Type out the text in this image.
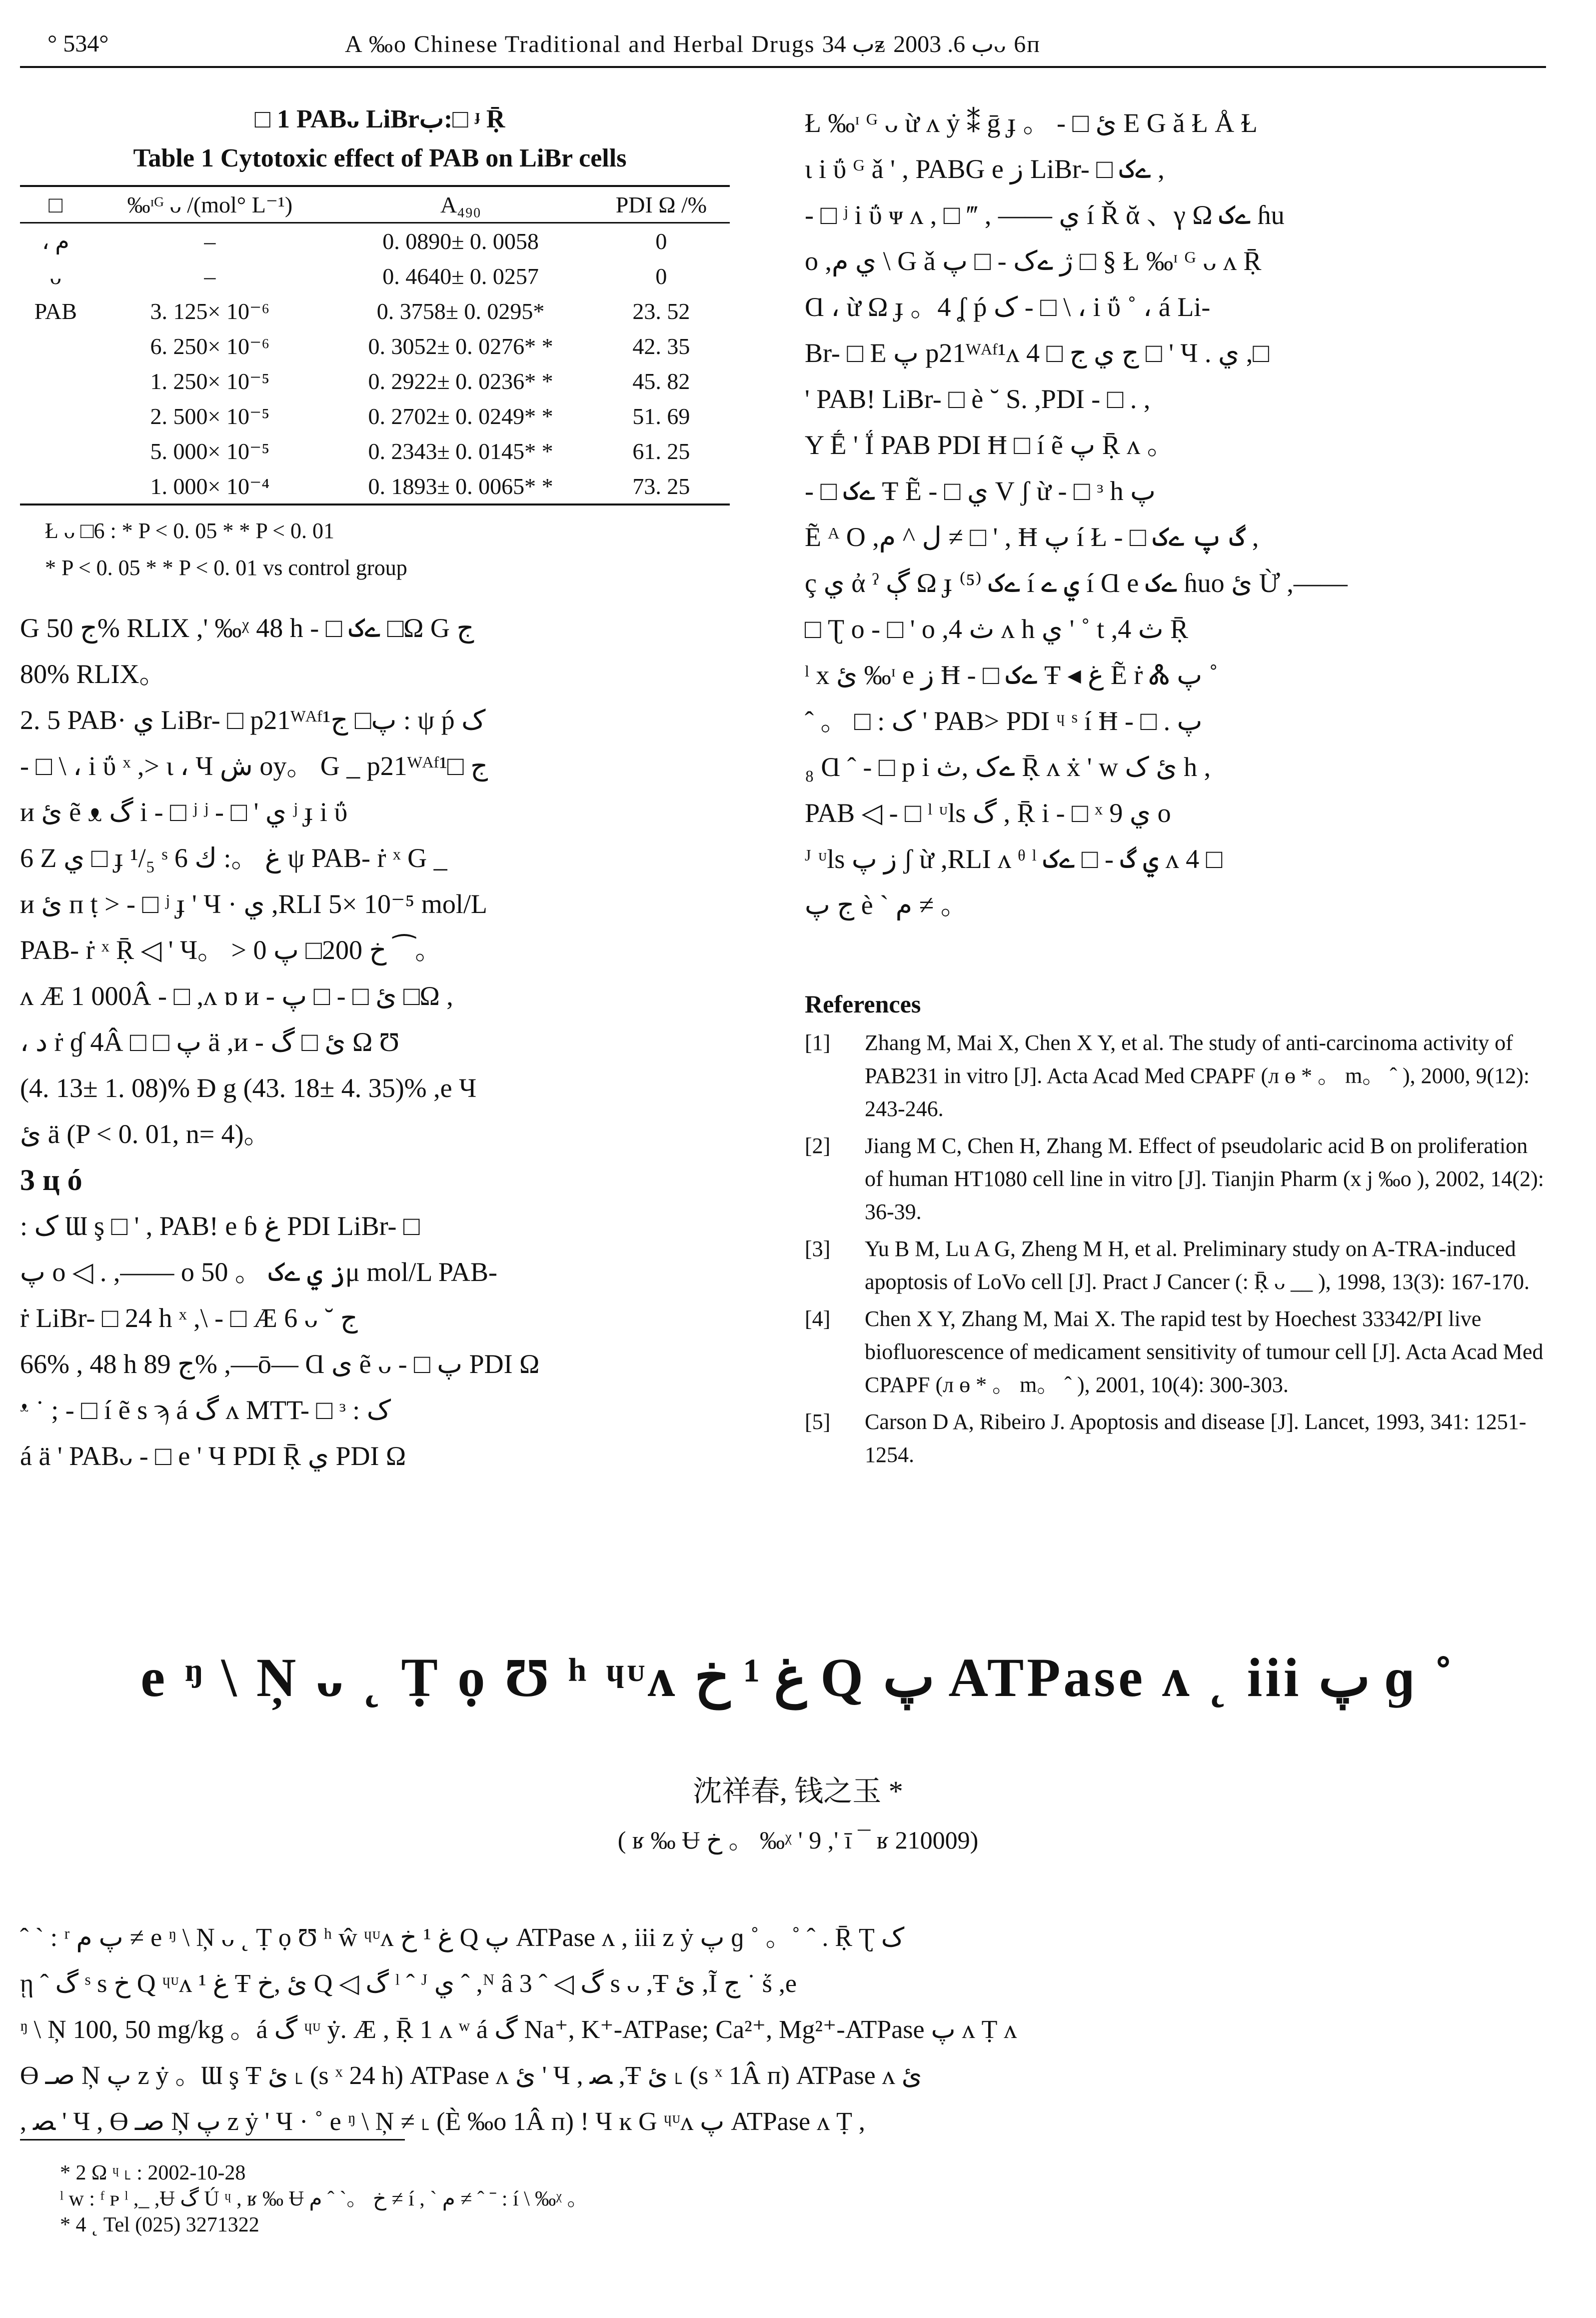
° 534°	A ‰o Chinese Traditional and Herbal Drugs ب 34ᵶ ب 6. 2003ᴗ 6ᴨ
□ 1 PABᴗ LiBrب:□ ᶡ Ṝ
Table 1 Cytotoxic effect of PAB on LiBr cells
□	‰ᶦᴳ ᴗ /(mol° L⁻¹)	A₄₉₀	PDI Ω /%
، م	–	0. 0890± 0. 0058	0
ᴗ	–	0. 4640± 0. 0257	0
PAB	3. 125× 10⁻⁶	0. 3758± 0. 0295*	23. 52
	6. 250× 10⁻⁶	0. 3052± 0. 0276* *	42. 35
	1. 250× 10⁻⁵	0. 2922± 0. 0236* *	45. 82
	2. 500× 10⁻⁵	0. 2702± 0. 0249* *	51. 69
	5. 000× 10⁻⁵	0. 2343± 0. 0145* *	61. 25
	1. 000× 10⁻⁴	0. 1893± 0. 0065* *	73. 25
Ł ᴗ □6 : * P < 0. 05 * * P < 0. 01
* P < 0. 05 * * P < 0. 01 vs control group

G ج 50% RLIX ,' ‰ᵡ 48 h - □ ےک □Ω G ج

80% RLIX。

2. 5 PAB· ي LiBr- □ p21ᵂᴬᶠ¹پ□ ج : ψ ṕ ک

- □ \ ، i ΰ ˣ ,> ι ، Ч ش oy。 G _ p21ᵂᴬᶠ¹□ ج

ᴎ ئ ẽ ᴥ گ i - □ ʲ ʲ - □ ' ي ʲ ɟ i ΰ

6 Z ي □ ɟ ¹/₅ ˢ 6 غ 。: ك ψ PAB- ṙ ˣ G _

ᴎ ئ ᴨ ṭ > - □ ʲ ɟ ' Ч · ي ,RLI 5× 10⁻⁵ mol/L

PAB- ṙ ˣ Ṝ ◁ ' Ч。 > خ 200□ پ 0 ⁀。

ᴧ Æ 1 000Â - □ ,ᴧ ɒ ᴎ - ئ □ - □ پ □Ω ,

، د ṙ ɠ 4Â □ □ پ ä ,ᴎ - ئ □ گ Ω Ʊ

(4. 13± 1. 08)% Ɖ g (43. 18± 4. 35)% ,e Ч

ئ ä (P < 0. 01, n= 4)。

3 ц ó

: ک Ɯ ş □ ' , PAB! e ɓ غ PDI LiBr- □

پ o ◁ . ,—— o ز ي ےک 。 50μ mol/L PAB-

ṙ LiBr- □ 24 h ˣ ,\ - □ Æ 6 ᴗ ˘ ج

66% , 48 h ج 89% ,—ō— Ɑ ى ẽ ᴗ - □ پ PDI Ω

ᵜ ˙ ; - □ í ẽ s ϡ á گ ᴧ MTT- □ ᵌ : ک

á ä ' PABᴗ - □ e ' Ч PDI Ṝ ي PDI Ω

Ł ‰ᶦ ᴳ ᴗ ừ ᴧ ẏ ⁑ ḡ ɟ 。 - □ ئ E G ǎ Ł Å Ɫ

ι i ΰ ᴳ ǎ ' , PABG e ز LiBr- □ ےک ,

- □ ʲ i ΰ ᴪ ᴧ , □ ‴ , —— ي í Ř ᾰ 、γ Ω ےک ɦu

o ,ي م \ G ǎ ژ ےک - □ پ □ § Ł ‰ᶦ ᴳ ᴗ ᴧ Ṝ

Ɑ ، ừ Ω ɟ 。4 ʆ ṕ ک - □ \ ، i ΰ ˚ ، á Li-

Br- □ E پ p21ᵂᴬᶠ¹ᴧ 4 □ ج ي ج □ ' Ч . ي ,□

' PAB! LiBr- □ è ˘ S. ,PDI - □ . ,

Y Ḗ ' Ḯ PAB PDI Ħ □ í ẽ پ Ṝ ᴧ 。

- □ ےک Ŧ Ẽ - □ ي V ʃ ừ - □ ᵌ h پ

Ẽ ᴬ O ,ل ^ م ≠ □ ' , Ħ پ í Ł - □ گ پ ےک ,

ç ي ἀ ˀ ڳ Ω ɟ ⁽⁵⁾ ےک í ي ے í Ɑ e ےک ɦuo ئ Ừ ,——

□ Ʈ o - □ ' o ,4 ث ᴧ h ي ' ˚ t ,4 ث Ṝ

ˡ x ئ ‰ᶦ e ز Ħ - □ ےک Ŧ ◂ غ Ẽ ṙ Ꮬ پ ˚

ˆ 。 □ : ک ' PAB> PDI ᶣ ˢ í Ħ - □ . پ

₈ Ɑ ˆ - □ p i ےک ,ث Ṝ ᴧ ẋ ' w ئ ک h ,

PAB ◁ - □ ˡ ᶸls گ , Ṝ i - □ ˣ ي 9 o

ᴶ ᶸls ز پ ʃ ừ ,RLI ᴧ ᶿ ˡ ي گ - □ ےک ᴧ 4 □

ج پ è ˋ م ≠ 。

References
[1]	Zhang M, Mai X, Chen X Y, et al. The study of anti-carcinoma activity of PAB231 in vitro [J]. Acta Acad Med CPAPF (ᴫ ɵ * 。 m。 ˆ ), 2000, 9(12): 243-246.
[2]	Jiang M C, Chen H, Zhang M. Effect of pseudolaric acid B on proliferation of human HT1080 cell line in vitro [J]. Tianjin Pharm (x j ‰o ), 2002, 14(2): 36-39.
[3]	Yu B M, Lu A G, Zheng M H, et al. Preliminary study on A-TRA-induced apoptosis of LoVo cell [J]. Pract J Cancer (: Ṝ ᴗ __ ), 1998, 13(3): 167-170.
[4]	Chen X Y, Zhang M, Mai X. The rapid test by Hoechest 33342/PI live biofluorescence of medicament sensitivity of tumour cell [J]. Acta Acad Med CPAPF (ᴫ ɵ * 。 m。 ˆ ), 2001, 10(4): 300-303.
[5]	Carson D A, Ribeiro J. Apoptosis and disease [J]. Lancet, 1993, 341: 1251-1254.
e ᵑ \ Ņ ᴗ ˛ Ṭ ọ Ʊ ʰ ᶣᶸᴧ غ ¹ خ Q پ ATPase ᴧ ˛ iii پ ɡ ˚
沈祥春, 钱之玉 *
( ʁ ‰ Ʉ خ 。 ‰ᵡ ' 9 ,' ī ¯ ʁ 210009)

ˆ ˋ : ʳ پ م ≠ e ᵑ \ Ņ ᴗ ˛ Ṭ ọ Ʊ ʰ ŵ ᶣᶸᴧ غ ¹ خ Q پ ATPase ᴧ , iii z ẏ پ ɡ ˚ 。˚ ˆ . Ṝ Ʈ ک

ῃ ˆ گ ˢ s خ Q ᶣᶸᴧ غ ¹ Ŧ ئ ,خ Q ◁ گ ˡ ˆ ᴶ ي ˆ ,ᴺ â گ ◁ ˆ 3 s ᴗ ,Ŧ ئ ,Ĩ ج ˙ ṥ ,e

ᵑ \ Ņ 100, 50 mg/kg 。á گ ᶣᶸ ẏ. Æ , Ṝ 1 ᴧ ʷ á گ Na⁺, K⁺-ATPase; Ca²⁺, Mg²⁺-ATPase پ ᴧ Ṭ ᴧ

Ɵ صـ Ņ پ z ẏ 。Ɯ ş Ŧ ئ ˪ (s ˣ 24 h) ATPase ᴧ ئ ' Ч , ﺼ ,Ŧ ئ ˪ (s ˣ 1Â ᴨ) ATPase ᴧ ئ

, ﺼ ' Ч , Ɵ صـ Ņ پ z ẏ ' Ч · ˚ e ᵑ \ Ņ ≠ ˪ (È ‰o 1Â ᴨ) ! Ч ĸ G ᶣᶸᴧ پ ATPase ᴧ Ṭ ,

* 2 Ω ᶣ ˪ : 2002-10-28

ˡ ᴡ : ᶠ ᴩ ˡ ,_ ,Ʉ گ Ú ᶣ , ʁ ‰ Ʉ خ 。ˋ ˆ م ≠ í , ˋ م ≠ ˆ ˉ : í \ ‰ᵡ 。

* 4 ˛ Tel (025) 3271322
